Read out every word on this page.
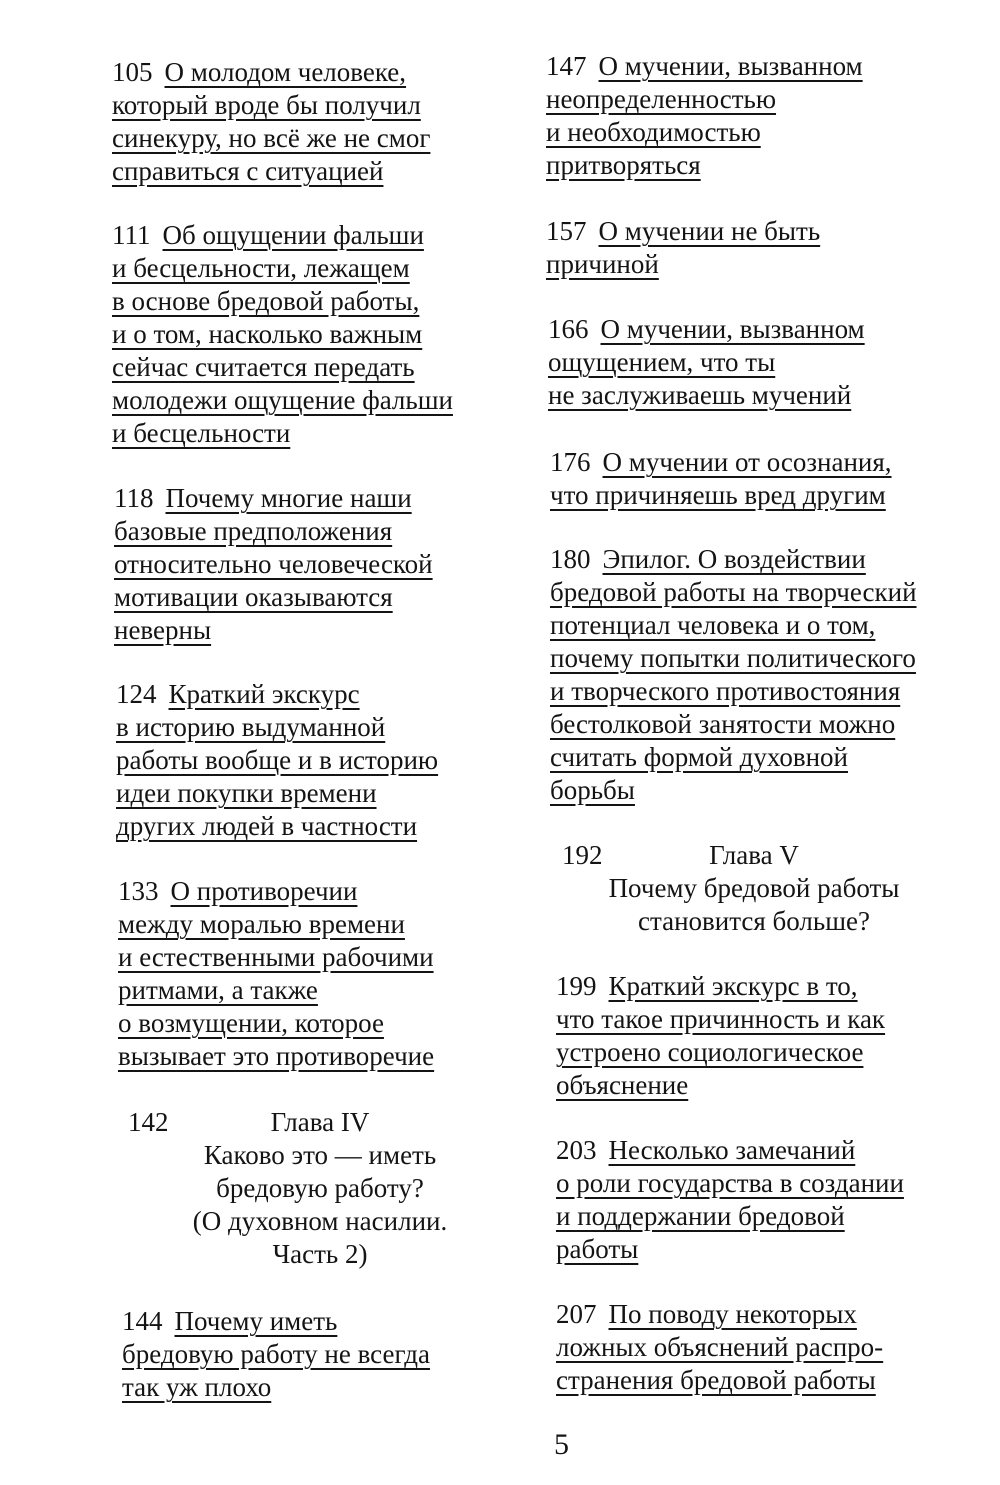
105 О молодом человеке,
который вроде бы получил
синекуру, но всё же не смог
справиться с ситуацией
111 Об ощущении фальши
и бесцельности, лежащем
в основе бредовой работы,
и о том, насколько важным
сейчас считается передать
молодежи ощущение фальши
и бесцельности
118 Почему многие наши
базовые предположения
относительно человеческой
мотивации оказываются
неверны
124 Краткий экскурс
в историю выдуманной
работы вообще и в историю
идеи покупки времени
других людей в частности
133 О противоречии
между моралью времени
и естественными рабочими
ритмами, а также
о возмущении, которое
вызывает это противоречие
142	Глава IV
Каково это — иметь
бредовую работу?
(О духовном насилии.
Часть 2)
144 Почему иметь
бредовую работу не всегда
так уж плохо
147 О мучении, вызванном
неопределенностью
и необходимостью
притворяться
157 О мучении не быть
причиной
166 О мучении, вызванном
ощущением, что ты
не заслуживаешь мучений
176 О мучении от осознания,
что причиняешь вред другим
180 Эпилог. О воздействии
бредовой работы на творческий
потенциал человека и о том,
почему попытки политического
и творческого противостояния
бестолковой занятости можно
считать формой духовной
борьбы
192	Глава V
Почему бредовой работы
становится больше?
199 Краткий экскурс в то,
что такое причинность и как
устроено социологическое
объяснение
203 Несколько замечаний
о роли государства в создании
и поддержании бредовой
работы
207 По поводу некоторых
ложных объяснений распро-
странения бредовой работы
5
